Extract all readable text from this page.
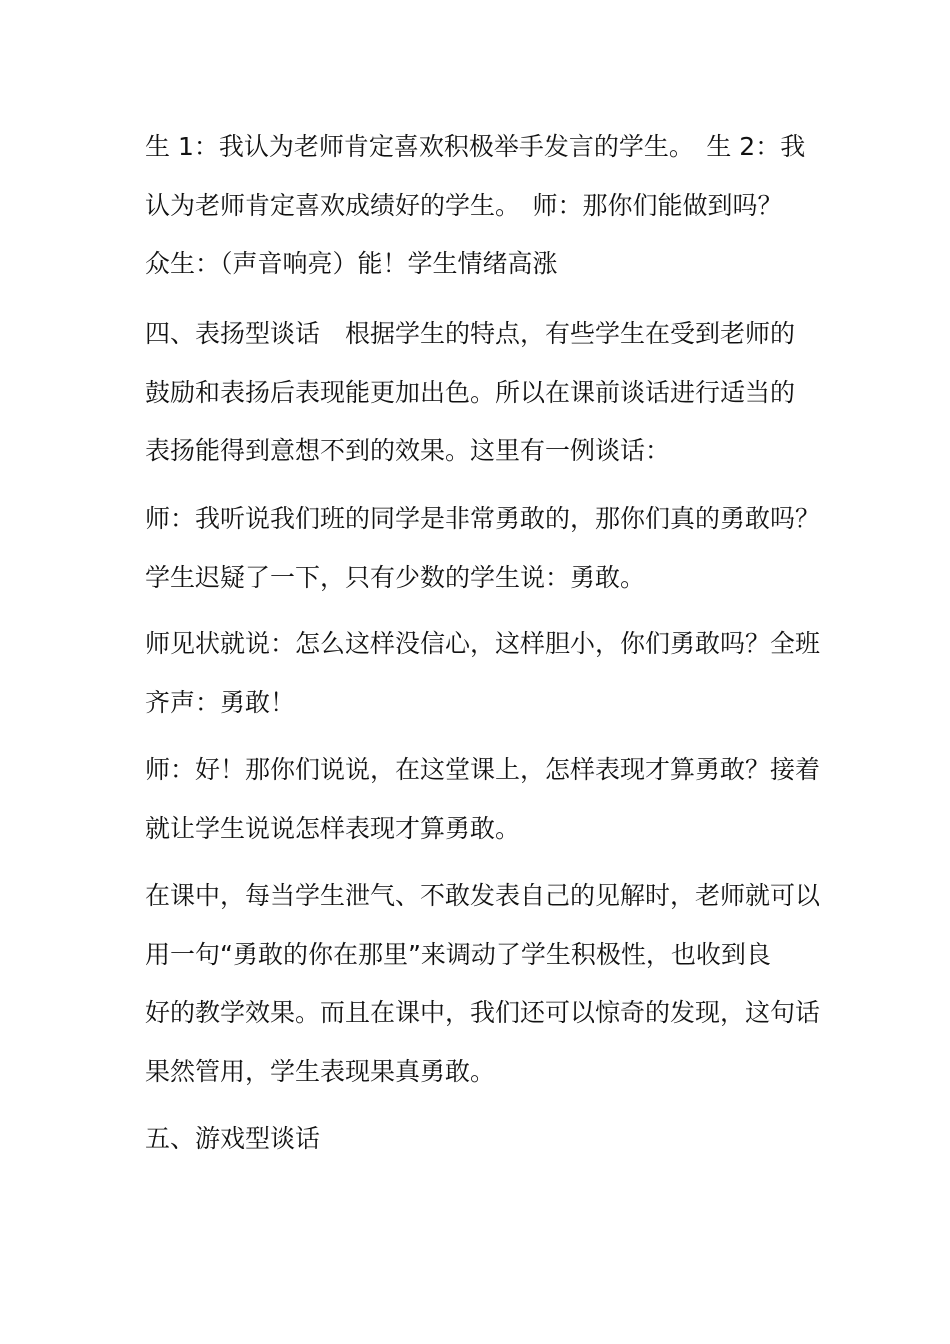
生 1：我认为老师肯定喜欢积极举手发言的学生。　生 2：我
认为老师肯定喜欢成绩好的学生。　师：那你们能做到吗？
众生：（声音响亮）能！学生情绪高涨
四、表扬型谈话　根据学生的特点，有些学生在受到老师的
鼓励和表扬后表现能更加出色。所以在课前谈话进行适当的
表扬能得到意想不到的效果。这里有一例谈话：
师：我听说我们班的同学是非常勇敢的，那你们真的勇敢吗？
学生迟疑了一下，只有少数的学生说：勇敢。
师见状就说：怎么这样没信心，这样胆小，你们勇敢吗？全班
齐声：勇敢！
师：好！那你们说说，在这堂课上，怎样表现才算勇敢？接着
就让学生说说怎样表现才算勇敢。
在课中，每当学生泄气、不敢发表自己的见解时，老师就可以
用一句“勇敢的你在那里”来调动了学生积极性，也收到良
好的教学效果。而且在课中，我们还可以惊奇的发现，这句话
果然管用，学生表现果真勇敢。
五、游戏型谈话
